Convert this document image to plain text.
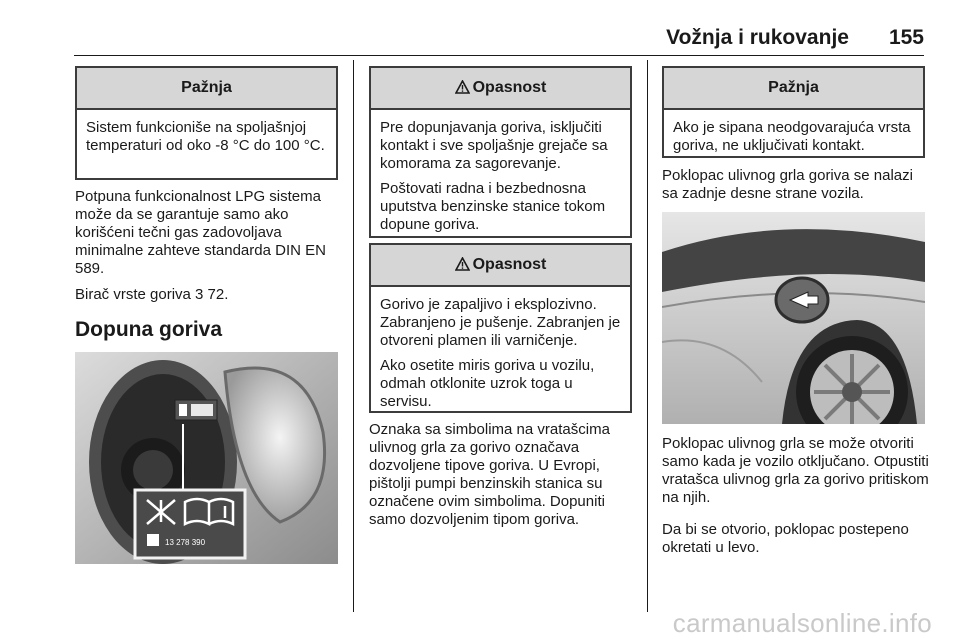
Vožnja i rukovanje 155
Pažnja

Sistem funkcioniše na spoljašnjoj temperaturi od oko -8 °C do 100 °C.

Potpuna funkcionalnost LPG sistema može da se garantuje samo ako korišćeni tečni gas zadovoljava minimalne zahteve standarda DIN EN 589.

Birač vrste goriva 3 72.

Dopuna goriva
13 278 390
Opasnost

Pre dopunjavanja goriva, isključiti kontakt i sve spoljašnje grejače sa komorama za sagorevanje.

Poštovati radna i bezbednosna uputstva benzinske stanice tokom dopune goriva.

Opasnost

Gorivo je zapaljivo i eksplozivno. Zabranjeno je pušenje. Zabranjen je otvoreni plamen ili varničenje.

Ako osetite miris goriva u vozilu, odmah otklonite uzrok toga u servisu.

Oznaka sa simbolima na vratašcima ulivnog grla za gorivo označava dozvoljene tipove goriva. U Evropi, pištolji pumpi benzinskih stanica su označene ovim simbolima. Dopuniti samo dozvoljenim tipom goriva.

Pažnja

Ako je sipana neodgovarajuća vrsta goriva, ne uključivati kontakt.

Poklopac ulivnog grla goriva se nalazi sa zadnje desne strane vozila.

Poklopac ulivnog grla se može otvoriti samo kada je vozilo otključano. Otpustiti vratašca ulivnog grla za gorivo pritiskom na njih.

Da bi se otvorio, poklopac postepeno okretati u levo.

carmanualsonline.info
